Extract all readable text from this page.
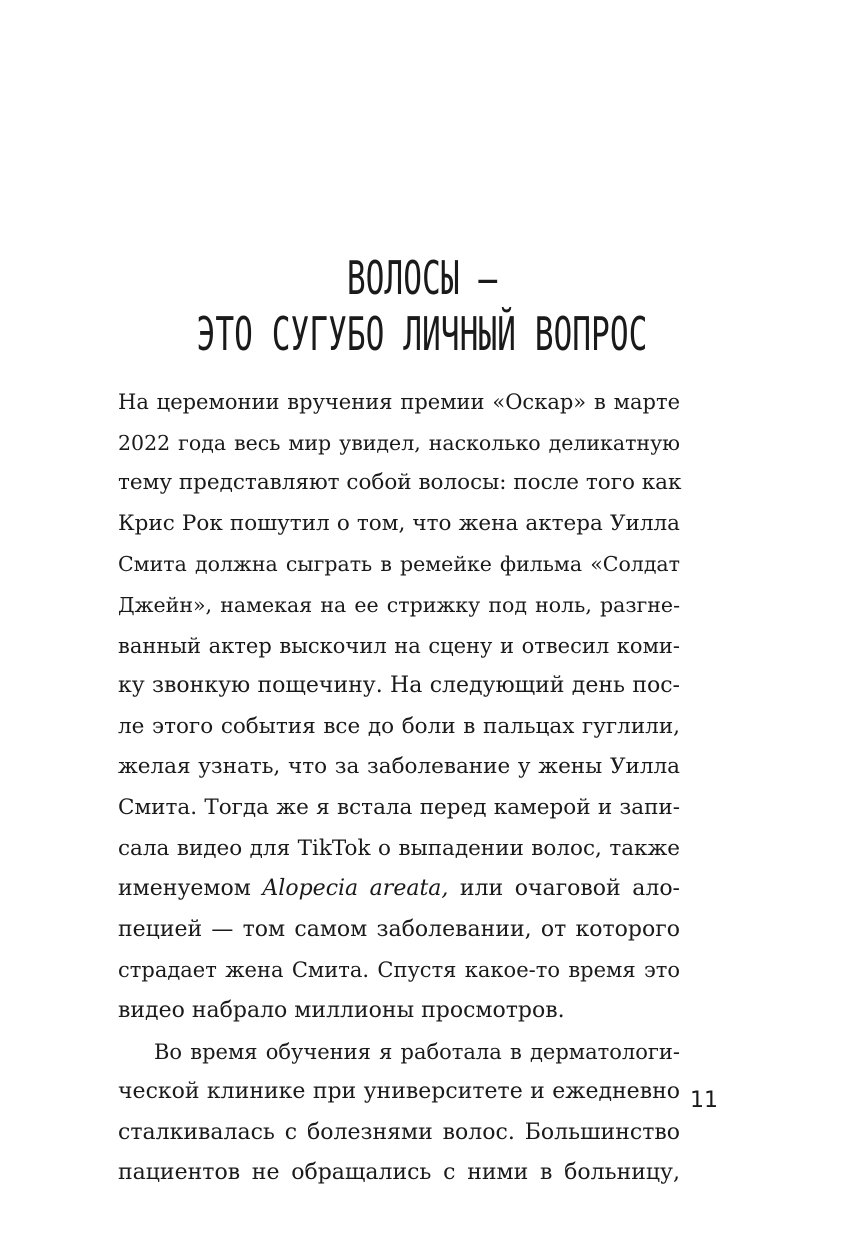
ВОЛОСЫ —
ЭТО СУГУБО ЛИЧНЫЙ ВОПРОС
На церемонии вручения премии «Оскар» в марте
2022 года весь мир увидел, насколько деликатную
тему представляют собой волосы: после того как
Крис Рок пошутил о том, что жена актера Уилла
Смита должна сыграть в ремейке фильма «Солдат
Джейн», намекая на ее стрижку под ноль, разгне-
ванный актер выскочил на сцену и отвесил коми-
ку звонкую пощечину. На следующий день пос-
ле этого события все до боли в пальцах гуглили,
желая узнать, что за заболевание у жены Уилла
Смита. Тогда же я встала перед камерой и запи-
сала видео для TikTok о выпадении волос, также
именуемом Alopecia areata, или очаговой ало-
пецией — том самом заболевании, от которого
страдает жена Смита. Спустя какое-то время это
видео набрало миллионы просмотров.
Во время обучения я работала в дерматологи-
ческой клинике при университете и ежедневно
сталкивалась с болезнями волос. Большинство
пациентов не обращались с ними в больницу,
11
